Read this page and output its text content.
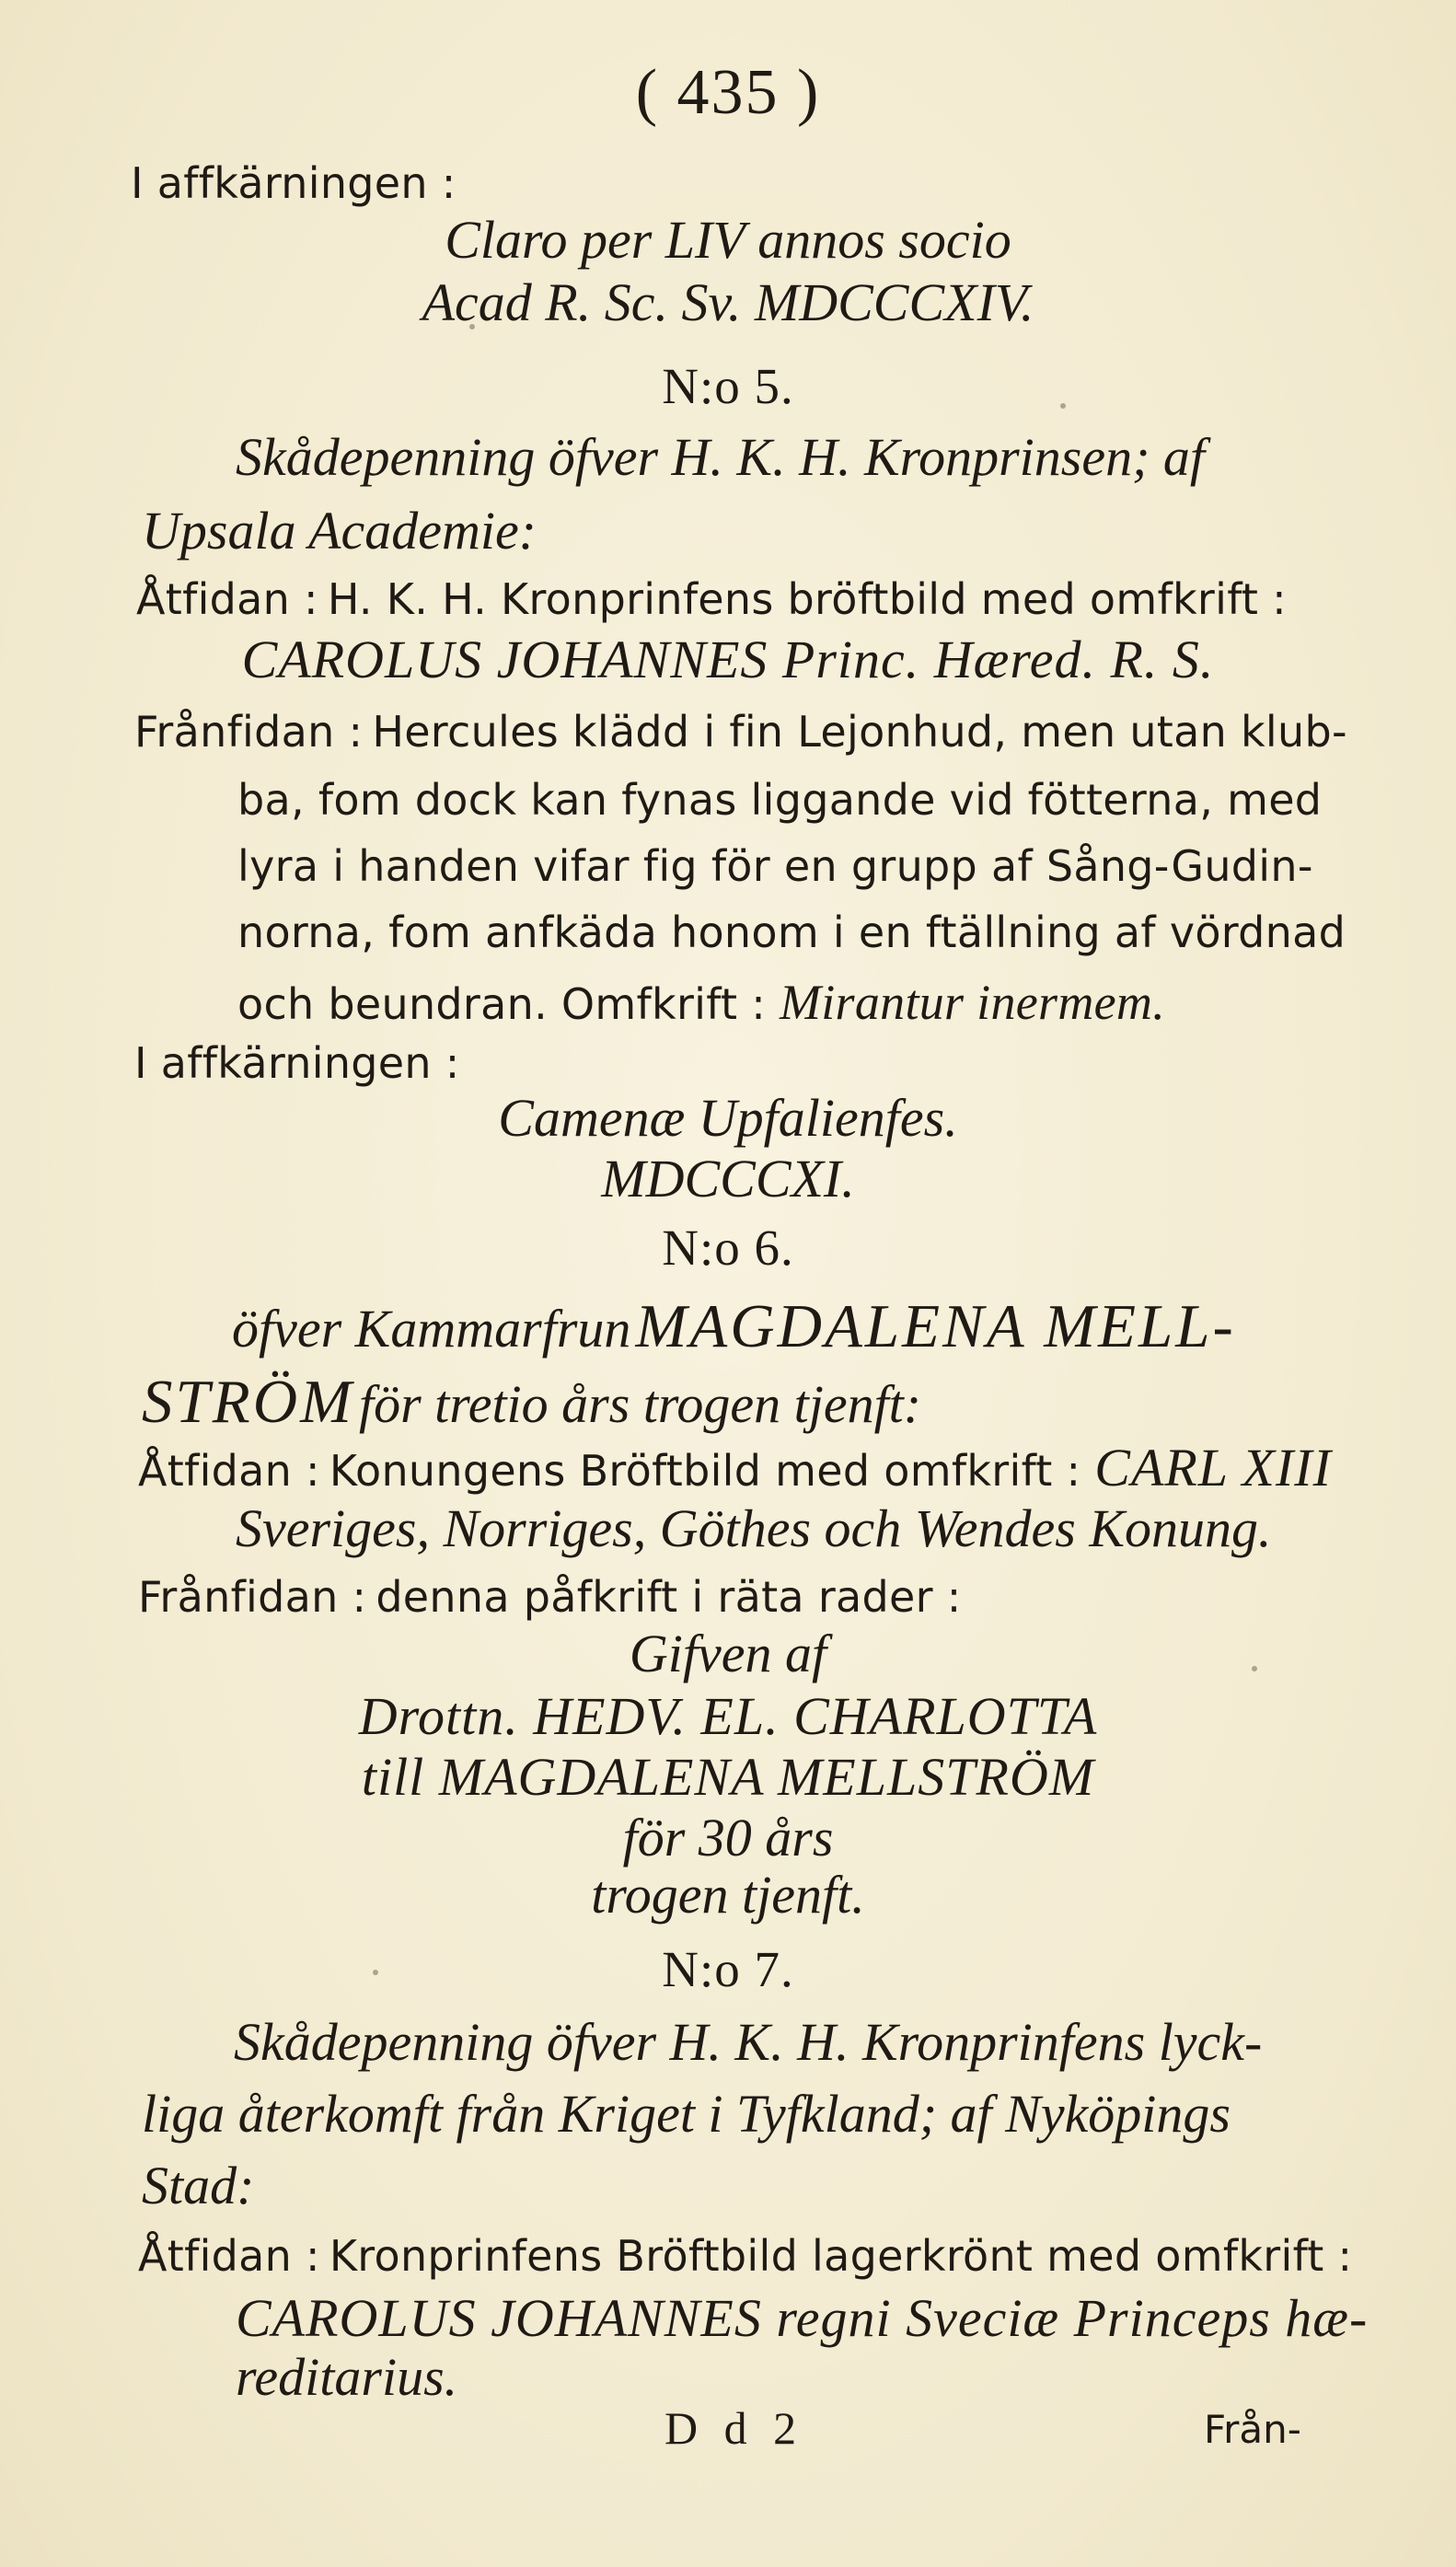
( 435 )
I affkärningen :
Claro per LIV annos socio
Acad R. Sc. Sv. MDCCCXIV.
N:o 5.
Skådepenning öfver H. K. H. Kronprinsen; af
Upsala Academie:
Åtfidan : H. K. H. Kronprinfens bröftbild med omfkrift :
CAROLUS JOHANNES Princ. Hæred. R. S.
Frånfidan : Hercules klädd i fin Lejonhud, men utan klub-
ba, fom dock kan fynas liggande vid fötterna, med
lyra i handen vifar fig för en grupp af Sång-Gudin-
norna, fom anfkäda honom i en ftällning af vördnad
och beundran. Omfkrift : Mirantur inermem.
I affkärningen :
Camenæ Upfalienfes.
MDCCCXI.
N:o 6.
öfver Kammarfrun MAGDALENA MELL-
STRÖM för tretio års trogen tjenft:
Åtfidan : Konungens Bröftbild med omfkrift : CARL XIII
Sveriges, Norriges, Göthes och Wendes Konung.
Frånfidan : denna påfkrift i räta rader :
Gifven af
Drottn. HEDV. EL. CHARLOTTA
till MAGDALENA MELLSTRÖM
för 30 års
trogen tjenft.
N:o 7.
Skådepenning öfver H. K. H. Kronprinfens lyck-
liga återkomft från Kriget i Tyfkland; af Nyköpings
Stad:
Åtfidan : Kronprinfens Bröftbild lagerkrönt med omfkrift :
CAROLUS JOHANNES regni Sveciæ Princeps hæ-
reditarius.
D d 2	Från-
